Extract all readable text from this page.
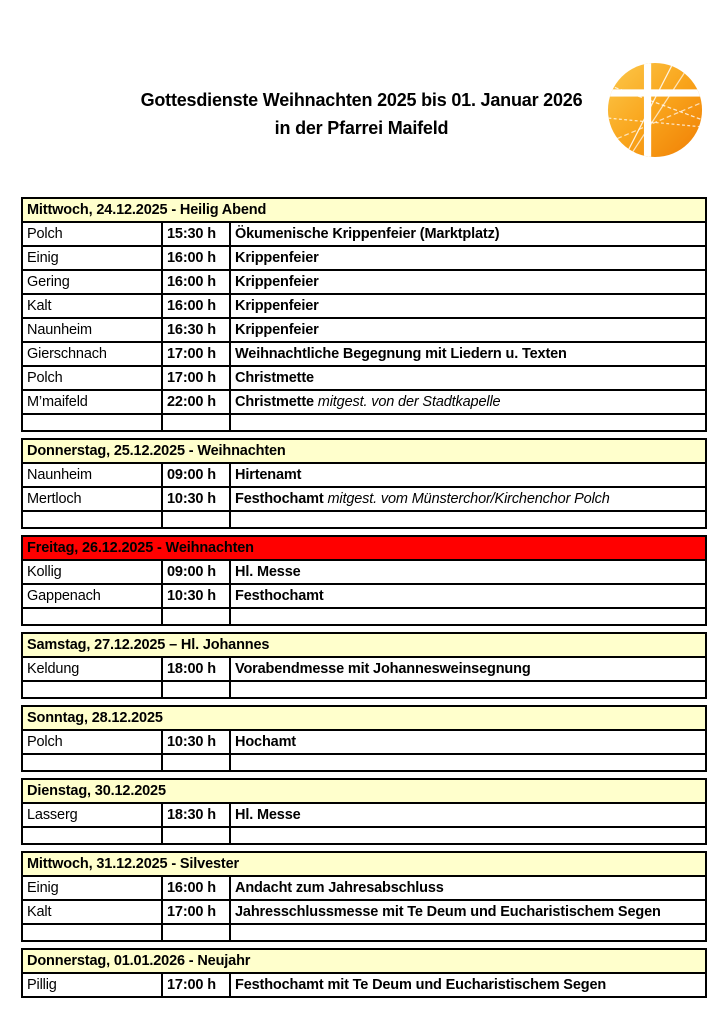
Gottesdienste Weihnachten 2025 bis 01. Januar 2026
in der Pfarrei Maifeld
Mittwoch, 24.12.2025 - Heilig Abend		
Polch	15:30 h	Ökumenische Krippenfeier (Marktplatz)
Einig	16:00 h	Krippenfeier
Gering	16:00 h	Krippenfeier
Kalt	16:00 h	Krippenfeier
Naunheim	16:30 h	Krippenfeier
Gierschnach	17:00 h	Weihnachtliche Begegnung mit Liedern u. Texten
Polch	17:00 h	Christmette
M’maifeld	22:00 h	Christmette mitgest. von der Stadtkapelle

Donnerstag, 25.12.2025 - Weihnachten		
Naunheim	09:00 h	Hirtenamt
Mertloch	10:30 h	Festhochamt mitgest. vom Münsterchor/Kirchenchor Polch

Freitag, 26.12.2025 - Weihnachten		
Kollig	09:00 h	Hl. Messe
Gappenach	10:30 h	Festhochamt

Samstag, 27.12.2025 – Hl. Johannes		
Keldung	18:00 h	Vorabendmesse mit Johannesweinsegnung

Sonntag, 28.12.2025		
Polch	10:30 h	Hochamt

Dienstag, 30.12.2025		
Lasserg	18:30 h	Hl. Messe

Mittwoch, 31.12.2025 - Silvester		
Einig	16:00 h	Andacht zum Jahresabschluss
Kalt	17:00 h	Jahresschlussmesse mit Te Deum und Eucharistischem Segen

Donnerstag, 01.01.2026 - Neujahr
Pillig	17:00 h	Festhochamt mit Te Deum und Eucharistischem Segen
